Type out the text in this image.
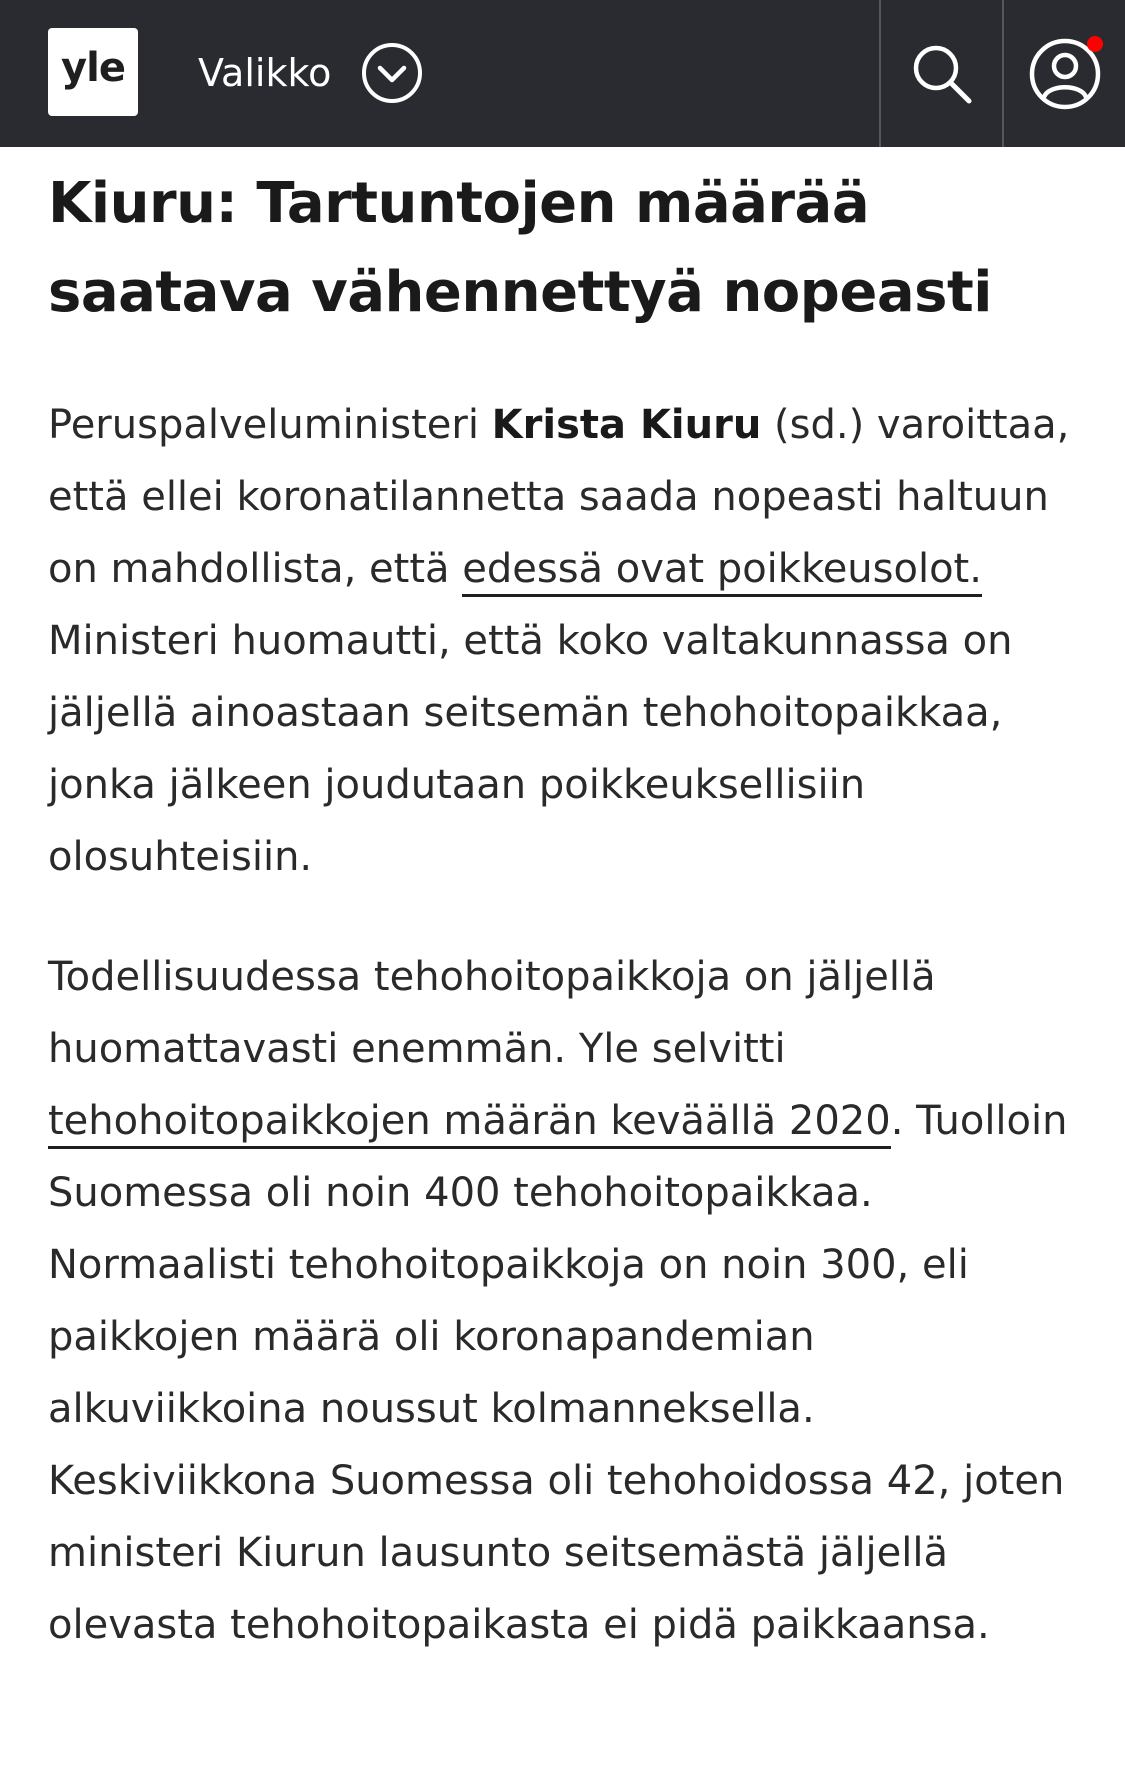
yle Valikko
Kiuru: Tartuntojen määrää saatava vähennettyä nopeasti

Peruspalveluministeri Krista Kiuru (sd.) varoittaa, että ellei koronatilannetta saada nopeasti haltuun on mahdollista, että edessä ovat poikkeusolot. Ministeri huomautti, että koko valtakunnassa on jäljellä ainoastaan seitsemän tehohoitopaikkaa, jonka jälkeen joudutaan poikkeuksellisiin olosuhteisiin.

Todellisuudessa tehohoitopaikkoja on jäljellä huomattavasti enemmän. Yle selvitti tehohoitopaikkojen määrän keväällä 2020. Tuolloin Suomessa oli noin 400 tehohoitopaikkaa. Normaalisti tehohoitopaikkoja on noin 300, eli paikkojen määrä oli koronapandemian alkuviikkoina noussut kolmanneksella. Keskiviikkona Suomessa oli tehohoidossa 42, joten ministeri Kiurun lausunto seitsemästä jäljellä olevasta tehohoitopaikasta ei pidä paikkaansa.
